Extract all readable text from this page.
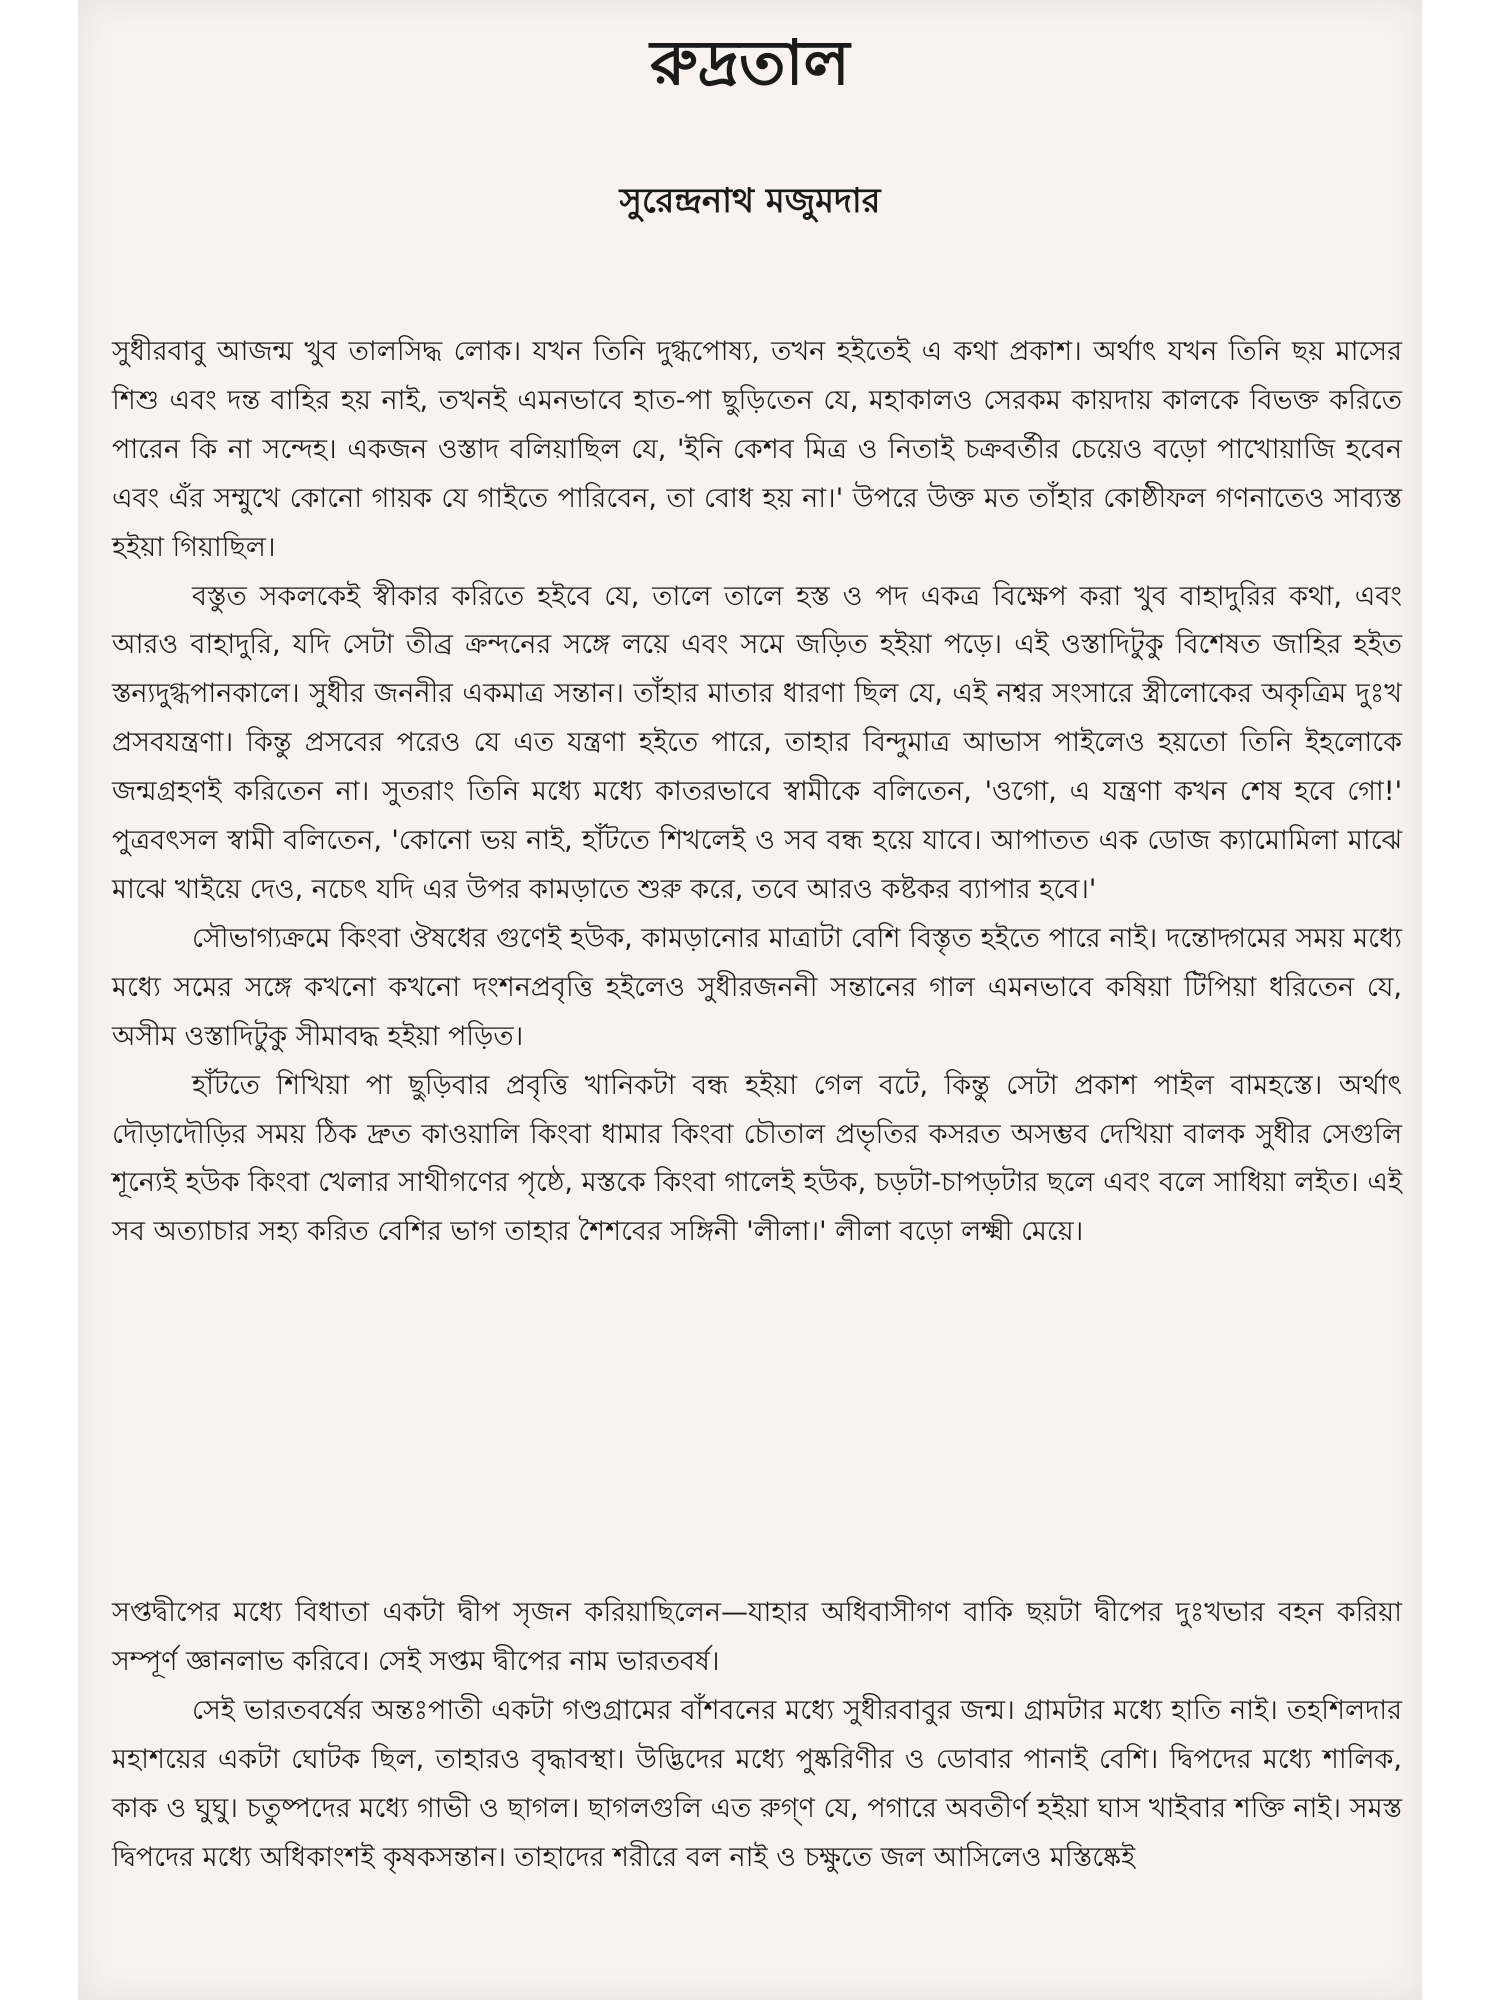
রুদ্রতাল
সুরেন্দ্রনাথ মজুমদার

সুধীরবাবু আজন্ম খুব তালসিদ্ধ লোক। যখন তিনি দুগ্ধপোষ্য, তখন হইতেই এ কথা প্রকাশ। অর্থাৎ যখন তিনি ছয় মাসের শিশু এবং দন্ত বাহির হয় নাই, তখনই এমনভাবে হাত-পা ছুড়িতেন যে, মহাকালও সেরকম কায়দায় কালকে বিভক্ত করিতে পারেন কি না সন্দেহ। একজন ওস্তাদ বলিয়াছিল যে, 'ইনি কেশব মিত্র ও নিতাই চক্রবর্তীর চেয়েও বড়ো পাখোয়াজি হবেন এবং এঁর সম্মুখে কোনো গায়ক যে গাইতে পারিবেন, তা বোধ হয় না।' উপরে উক্ত মত তাঁহার কোষ্ঠীফল গণনাতেও সাব্যস্ত হইয়া গিয়াছিল।

বস্তুত সকলকেই স্বীকার করিতে হইবে যে, তালে তালে হস্ত ও পদ একত্র বিক্ষেপ করা খুব বাহাদুরির কথা, এবং আরও বাহাদুরি, যদি সেটা তীব্র ক্রন্দনের সঙ্গে লয়ে এবং সমে জড়িত হইয়া পড়ে। এই ওস্তাদিটুকু বিশেষত জাহির হইত স্তন্যদুগ্ধপানকালে। সুধীর জননীর একমাত্র সন্তান। তাঁহার মাতার ধারণা ছিল যে, এই নশ্বর সংসারে স্ত্রীলোকের অকৃত্রিম দুঃখ প্রসবযন্ত্রণা। কিন্তু প্রসবের পরেও যে এত যন্ত্রণা হইতে পারে, তাহার বিন্দুমাত্র আভাস পাইলেও হয়তো তিনি ইহলোকে জন্মগ্রহণই করিতেন না। সুতরাং তিনি মধ্যে মধ্যে কাতরভাবে স্বামীকে বলিতেন, 'ওগো, এ যন্ত্রণা কখন শেষ হবে গো!' পুত্রবৎসল স্বামী বলিতেন, 'কোনো ভয় নাই, হাঁটতে শিখলেই ও সব বন্ধ হয়ে যাবে। আপাতত এক ডোজ ক্যামোমিলা মাঝে মাঝে খাইয়ে দেও, নচেৎ যদি এর উপর কামড়াতে শুরু করে, তবে আরও কষ্টকর ব্যাপার হবে।'

সৌভাগ্যক্রমে কিংবা ঔষধের গুণেই হউক, কামড়ানোর মাত্রাটা বেশি বিস্তৃত হইতে পারে নাই। দন্তোদ্গমের সময় মধ্যে মধ্যে সমের সঙ্গে কখনো কখনো দংশনপ্রবৃত্তি হইলেও সুধীরজননী সন্তানের গাল এমনভাবে কষিয়া টিপিয়া ধরিতেন যে, অসীম ওস্তাদিটুকু সীমাবদ্ধ হইয়া পড়িত।

হাঁটতে শিখিয়া পা ছুড়িবার প্রবৃত্তি খানিকটা বন্ধ হইয়া গেল বটে, কিন্তু সেটা প্রকাশ পাইল বামহস্তে। অর্থাৎ দৌড়াদৌড়ির সময় ঠিক দ্রুত কাওয়ালি কিংবা ধামার কিংবা চৌতাল প্রভৃতির কসরত অসম্ভব দেখিয়া বালক সুধীর সেগুলি শূন্যেই হউক কিংবা খেলার সাথীগণের পৃষ্ঠে, মস্তকে কিংবা গালেই হউক, চড়টা-চাপড়টার ছলে এবং বলে সাধিয়া লইত। এই সব অত্যাচার সহ্য করিত বেশির ভাগ তাহার শৈশবের সঙ্গিনী 'লীলা।' লীলা বড়ো লক্ষ্মী মেয়ে।

সপ্তদ্বীপের মধ্যে বিধাতা একটা দ্বীপ সৃজন করিয়াছিলেন—যাহার অধিবাসীগণ বাকি ছয়টা দ্বীপের দুঃখভার বহন করিয়া সম্পূর্ণ জ্ঞানলাভ করিবে। সেই সপ্তম দ্বীপের নাম ভারতবর্ষ।

সেই ভারতবর্ষের অন্তঃপাতী একটা গণ্ডগ্রামের বাঁশবনের মধ্যে সুধীরবাবুর জন্ম। গ্রামটার মধ্যে হাতি নাই। তহশিলদার মহাশয়ের একটা ঘোটক ছিল, তাহারও বৃদ্ধাবস্থা। উদ্ভিদের মধ্যে পুষ্করিণীর ও ডোবার পানাই বেশি। দ্বিপদের মধ্যে শালিক, কাক ও ঘুঘু। চতুষ্পদের মধ্যে গাভী ও ছাগল। ছাগলগুলি এত রুগ্‌ণ যে, পগারে অবতীর্ণ হইয়া ঘাস খাইবার শক্তি নাই। সমস্ত দ্বিপদের মধ্যে অধিকাংশই কৃষকসন্তান। তাহাদের শরীরে বল নাই ও চক্ষুতে জল আসিলেও মস্তিষ্কেই
